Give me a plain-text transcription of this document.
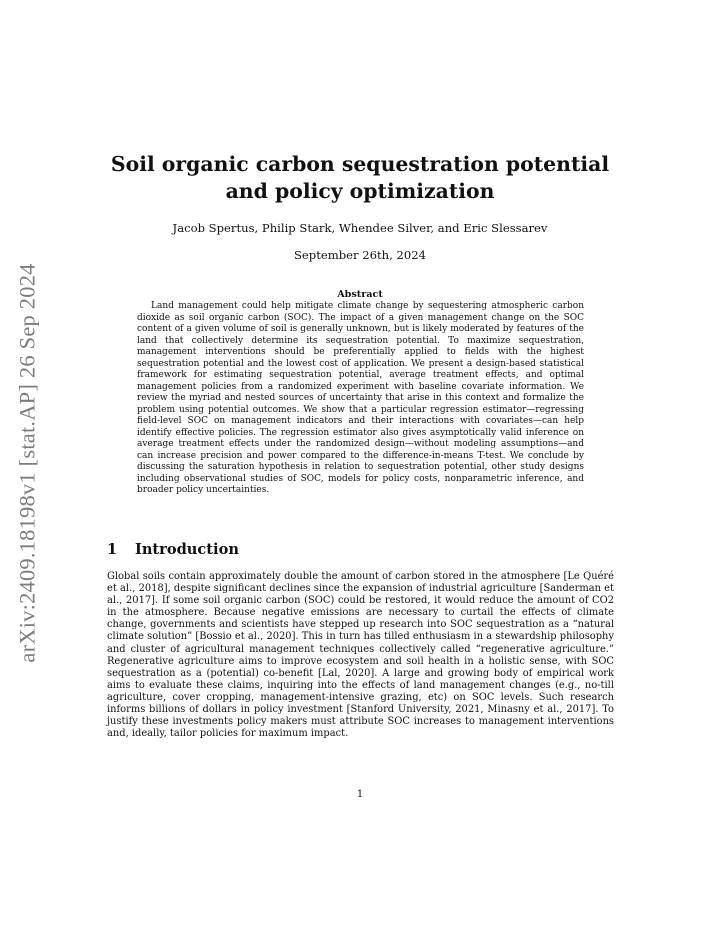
arXiv:2409.18198v1 [stat.AP] 26 Sep 2024
Soil organic carbon sequestration potential and policy optimization
Jacob Spertus, Philip Stark, Whendee Silver, and Eric Slessarev
September 26th, 2024
Abstract

Land management could help mitigate climate change by sequestering atmospheric carbon dioxide as soil organic carbon (SOC). The impact of a given management change on the SOC content of a given volume of soil is generally unknown, but is likely moderated by features of the land that collectively determine its sequestration potential. To maximize sequestration, management interventions should be preferentially applied to fields with the highest sequestration potential and the lowest cost of application. We present a design-based statistical framework for estimating sequestration potential, average treatment effects, and optimal management policies from a randomized experiment with baseline covariate information. We review the myriad and nested sources of uncertainty that arise in this context and formalize the problem using potential outcomes. We show that a particular regression estimator—regressing field-level SOC on management indicators and their interactions with covariates—can help identify effective policies. The regression estimator also gives asymptotically valid inference on average treatment effects under the randomized design—without modeling assumptions—and can increase precision and power compared to the difference-in-means T-test. We conclude by discussing the saturation hypothesis in relation to sequestration potential, other study designs including observational studies of SOC, models for policy costs, nonparametric inference, and broader policy uncertainties.

1 Introduction

Global soils contain approximately double the amount of carbon stored in the atmosphere [Le Quéré et al., 2018], despite significant declines since the expansion of industrial agriculture [Sanderman et al., 2017]. If some soil organic carbon (SOC) could be restored, it would reduce the amount of CO2 in the atmosphere. Because negative emissions are necessary to curtail the effects of climate change, governments and scientists have stepped up research into SOC sequestration as a “natural climate solution” [Bossio et al., 2020]. This in turn has tilled enthusiasm in a stewardship philosophy and cluster of agricultural management techniques collectively called “regenerative agriculture.” Regenerative agriculture aims to improve ecosystem and soil health in a holistic sense, with SOC sequestration as a (potential) co-benefit [Lal, 2020]. A large and growing body of empirical work aims to evaluate these claims, inquiring into the effects of land management changes (e.g., no-till agriculture, cover cropping, management-intensive grazing, etc) on SOC levels. Such research informs billions of dollars in policy investment [Stanford University, 2021, Minasny et al., 2017]. To justify these investments policy makers must attribute SOC increases to management interventions and, ideally, tailor policies for maximum impact.

1
